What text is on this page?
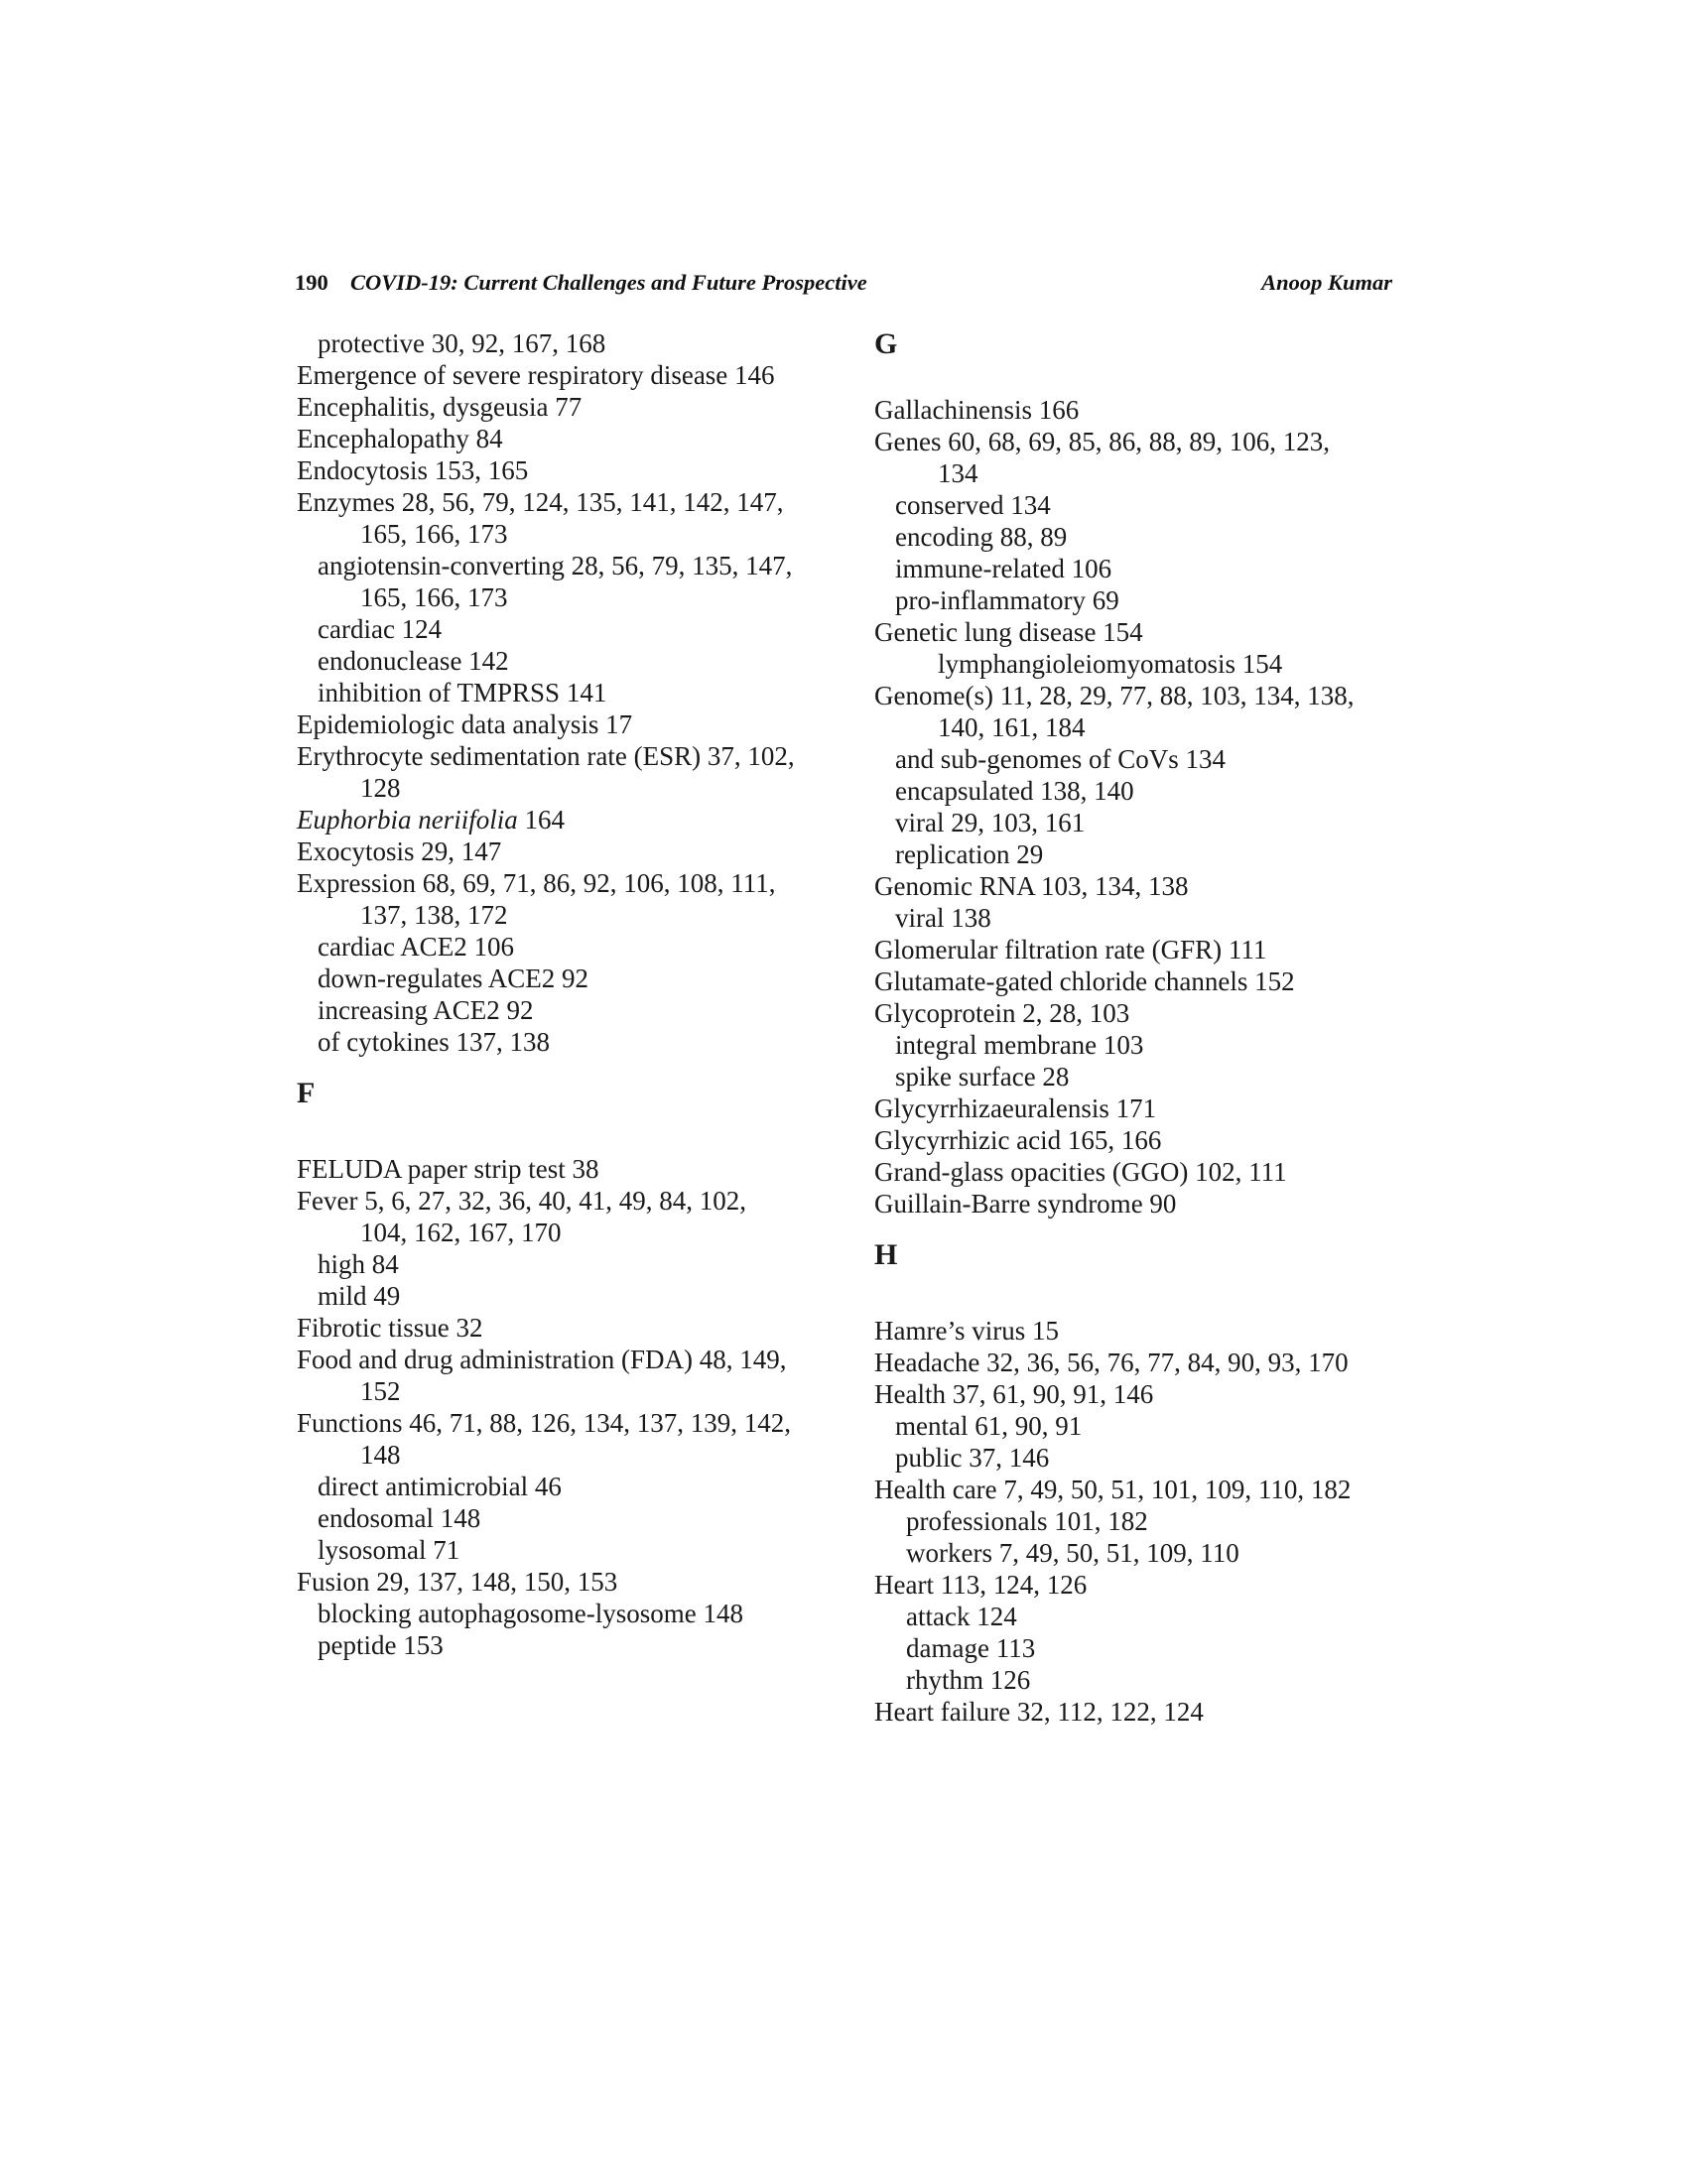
190 COVID-19: Current Challenges and Future Prospective	Anoop Kumar
protective 30, 92, 167, 168
Emergence of severe respiratory disease 146
Encephalitis, dysgeusia 77
Encephalopathy 84
Endocytosis 153, 165
Enzymes 28, 56, 79, 124, 135, 141, 142, 147,
165, 166, 173
angiotensin-converting 28, 56, 79, 135, 147,
165, 166, 173
cardiac 124
endonuclease 142
inhibition of TMPRSS 141
Epidemiologic data analysis 17
Erythrocyte sedimentation rate (ESR) 37, 102,
128
Euphorbia neriifolia 164
Exocytosis 29, 147
Expression 68, 69, 71, 86, 92, 106, 108, 111,
137, 138, 172
cardiac ACE2 106
down-regulates ACE2 92
increasing ACE2 92
of cytokines 137, 138
F
FELUDA paper strip test 38
Fever 5, 6, 27, 32, 36, 40, 41, 49, 84, 102,
104, 162, 167, 170
high 84
mild 49
Fibrotic tissue 32
Food and drug administration (FDA) 48, 149,
152
Functions 46, 71, 88, 126, 134, 137, 139, 142,
148
direct antimicrobial 46
endosomal 148
lysosomal 71
Fusion 29, 137, 148, 150, 153
blocking autophagosome-lysosome 148
peptide 153
G
Gallachinensis 166
Genes 60, 68, 69, 85, 86, 88, 89, 106, 123,
134
conserved 134
encoding 88, 89
immune-related 106
pro-inflammatory 69
Genetic lung disease 154
lymphangioleiomyomatosis 154
Genome(s) 11, 28, 29, 77, 88, 103, 134, 138,
140, 161, 184
and sub-genomes of CoVs 134
encapsulated 138, 140
viral 29, 103, 161
replication 29
Genomic RNA 103, 134, 138
viral 138
Glomerular filtration rate (GFR) 111
Glutamate-gated chloride channels 152
Glycoprotein 2, 28, 103
integral membrane 103
spike surface 28
Glycyrrhizaeuralensis 171
Glycyrrhizic acid 165, 166
Grand-glass opacities (GGO) 102, 111
Guillain-Barre syndrome 90
H
Hamre’s virus 15
Headache 32, 36, 56, 76, 77, 84, 90, 93, 170
Health 37, 61, 90, 91, 146
mental 61, 90, 91
public 37, 146
Health care 7, 49, 50, 51, 101, 109, 110, 182
professionals 101, 182
workers 7, 49, 50, 51, 109, 110
Heart 113, 124, 126
attack 124
damage 113
rhythm 126
Heart failure 32, 112, 122, 124
